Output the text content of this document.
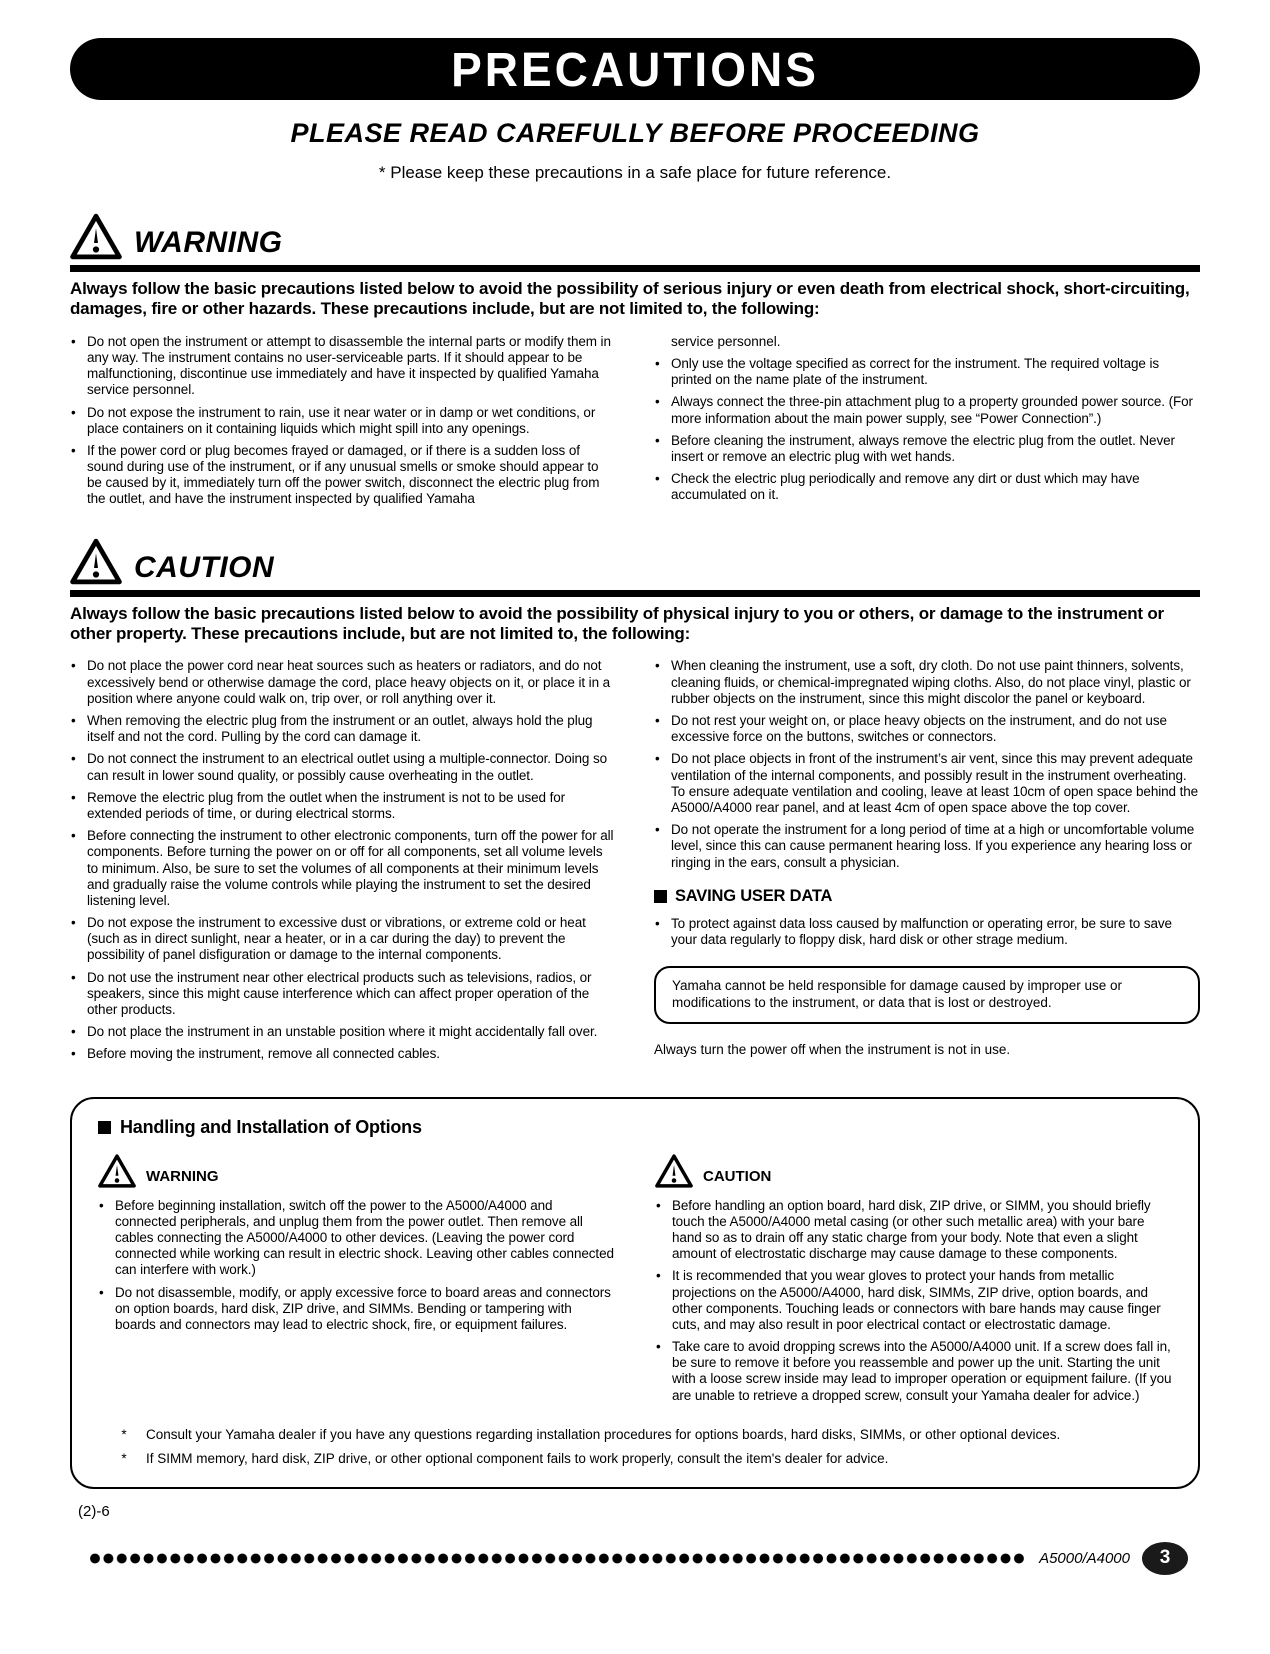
PRECAUTIONS
PLEASE READ CAREFULLY BEFORE PROCEEDING
* Please keep these precautions in a safe place for future reference.
WARNING
Always follow the basic precautions listed below to avoid the possibility of serious injury or even death from electrical shock, short-circuiting, damages, fire or other hazards. These precautions include, but are not limited to, the following:
• Do not open the instrument or attempt to disassemble the internal parts or modify them in any way. The instrument contains no user-serviceable parts. If it should appear to be malfunctioning, discontinue use immediately and have it inspected by qualified Yamaha service personnel.
• Do not expose the instrument to rain, use it near water or in damp or wet conditions, or place containers on it containing liquids which might spill into any openings.
• If the power cord or plug becomes frayed or damaged, or if there is a sudden loss of sound during use of the instrument, or if any unusual smells or smoke should appear to be caused by it, immediately turn off the power switch, disconnect the electric plug from the outlet, and have the instrument inspected by qualified Yamaha
service personnel.
• Only use the voltage specified as correct for the instrument. The required voltage is printed on the name plate of the instrument.
• Always connect the three-pin attachment plug to a property grounded power source. (For more information about the main power supply, see “Power Connection”.)
• Before cleaning the instrument, always remove the electric plug from the outlet. Never insert or remove an electric plug with wet hands.
• Check the electric plug periodically and remove any dirt or dust which may have accumulated on it.
CAUTION
Always follow the basic precautions listed below to avoid the possibility of physical injury to you or others, or damage to the instrument or other property. These precautions include, but are not limited to, the following:
• Do not place the power cord near heat sources such as heaters or radiators, and do not excessively bend or otherwise damage the cord, place heavy objects on it, or place it in a position where anyone could walk on, trip over, or roll anything over it.
• When removing the electric plug from the instrument or an outlet, always hold the plug itself and not the cord. Pulling by the cord can damage it.
• Do not connect the instrument to an electrical outlet using a multiple-connector. Doing so can result in lower sound quality, or possibly cause overheating in the outlet.
• Remove the electric plug from the outlet when the instrument is not to be used for extended periods of time, or during electrical storms.
• Before connecting the instrument to other electronic components, turn off the power for all components. Before turning the power on or off for all components, set all volume levels to minimum. Also, be sure to set the volumes of all components at their minimum levels and gradually raise the volume controls while playing the instrument to set the desired listening level.
• Do not expose the instrument to excessive dust or vibrations, or extreme cold or heat (such as in direct sunlight, near a heater, or in a car during the day) to prevent the possibility of panel disfiguration or damage to the internal components.
• Do not use the instrument near other electrical products such as televisions, radios, or speakers, since this might cause interference which can affect proper operation of the other products.
• Do not place the instrument in an unstable position where it might accidentally fall over.
• Before moving the instrument, remove all connected cables.
• When cleaning the instrument, use a soft, dry cloth. Do not use paint thinners, solvents, cleaning fluids, or chemical-impregnated wiping cloths. Also, do not place vinyl, plastic or rubber objects on the instrument, since this might discolor the panel or keyboard.
• Do not rest your weight on, or place heavy objects on the instrument, and do not use excessive force on the buttons, switches or connectors.
• Do not place objects in front of the instrument’s air vent, since this may prevent adequate ventilation of the internal components, and possibly result in the instrument overheating. To ensure adequate ventilation and cooling, leave at least 10cm of open space behind the A5000/A4000 rear panel, and at least 4cm of open space above the top cover.
• Do not operate the instrument for a long period of time at a high or uncomfortable volume level, since this can cause permanent hearing loss. If you experience any hearing loss or ringing in the ears, consult a physician.
SAVING USER DATA
• To protect against data loss caused by malfunction or operating error, be sure to save your data regularly to floppy disk, hard disk or other strage medium.
Yamaha cannot be held responsible for damage caused by improper use or modifications to the instrument, or data that is lost or destroyed.
Always turn the power off when the instrument is not in use.
Handling and Installation of Options
WARNING
• Before beginning installation, switch off the power to the A5000/A4000 and connected peripherals, and unplug them from the power outlet. Then remove all cables connecting the A5000/A4000 to other devices. (Leaving the power cord connected while working can result in electric shock. Leaving other cables connected can interfere with work.)
• Do not disassemble, modify, or apply excessive force to board areas and connectors on option boards, hard disk, ZIP drive, and SIMMs. Bending or tampering with boards and connectors may lead to electric shock, fire, or equipment failures.
CAUTION
• Before handling an option board, hard disk, ZIP drive, or SIMM, you should briefly touch the A5000/A4000 metal casing (or other such metallic area) with your bare hand so as to drain off any static charge from your body. Note that even a slight amount of electrostatic discharge may cause damage to these components.
• It is recommended that you wear gloves to protect your hands from metallic projections on the A5000/A4000, hard disk, SIMMs, ZIP drive, option boards, and other components. Touching leads or connectors with bare hands may cause finger cuts, and may also result in poor electrical contact or electrostatic damage.
• Take care to avoid dropping screws into the A5000/A4000 unit. If a screw does fall in, be sure to remove it before you reassemble and power up the unit. Starting the unit with a loose screw inside may lead to improper operation or equipment failure. (If you are unable to retrieve a dropped screw, consult your Yamaha dealer for advice.)
* Consult your Yamaha dealer if you have any questions regarding installation procedures for options boards, hard disks, SIMMs, or other optional devices.
* If SIMM memory, hard disk, ZIP drive, or other optional component fails to work properly, consult the item's dealer for advice.
(2)-6
A5000/A4000 3
